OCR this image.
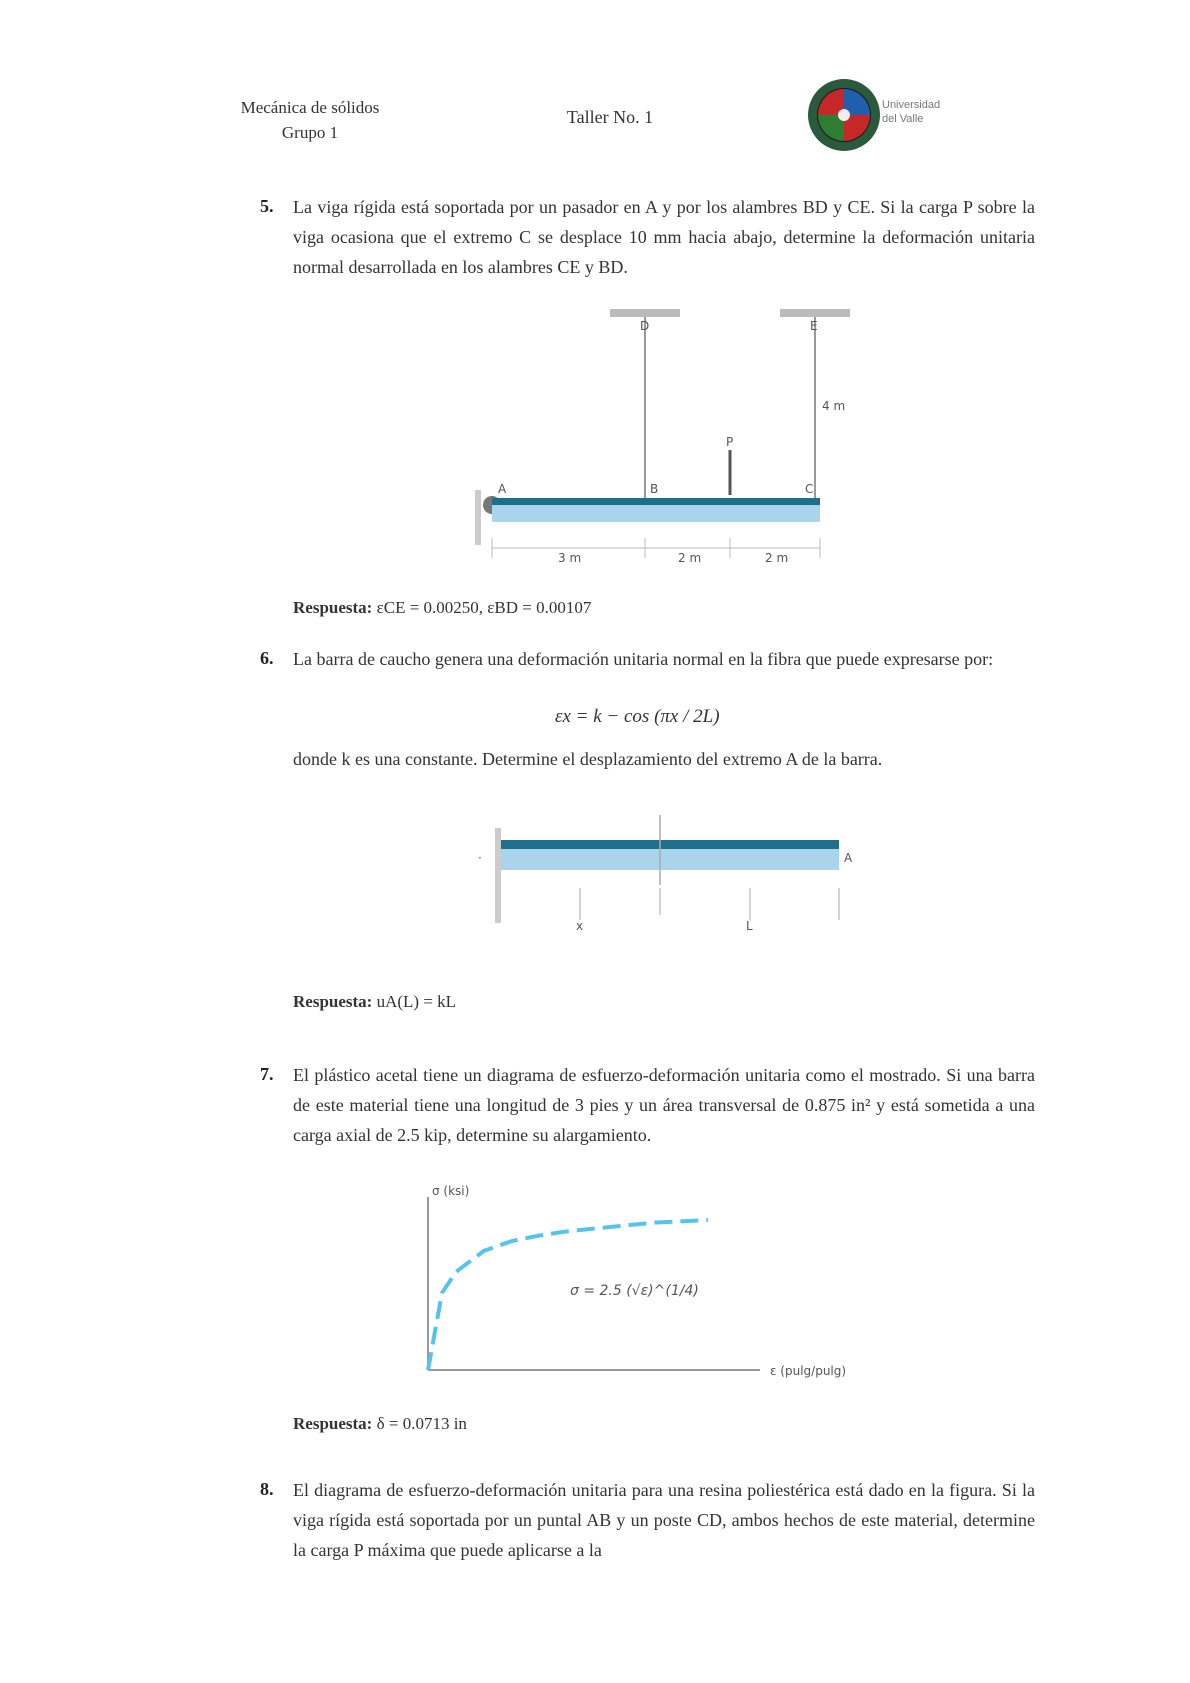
Mecánica de sólidos
Grupo 1
Taller No. 1
Universidad
del Valle
5. La viga rígida está soportada por un pasador en A y por los alambres BD y CE. Si la carga P sobre la viga ocasiona que el extremo C se desplace 10 mm hacia abajo, determine la deformación unitaria normal desarrollada en los alambres CE y BD.
D	E
A	B	C
P
3 m	2 m	2 m
4 m
Respuesta: εCE = 0.00250, εBD = 0.00107
6. La barra de caucho genera una deformación unitaria normal en la fibra que puede expresarse por:
εx = k − cos (πx / 2L)
donde k es una constante. Determine el desplazamiento del extremo A de la barra.
·	A
x	L
Respuesta: uA(L) = kL
7. El plástico acetal tiene un diagrama de esfuerzo-deformación unitaria como el mostrado. Si una barra de este material tiene una longitud de 3 pies y un área transversal de 0.875 in² y está sometida a una carga axial de 2.5 kip, determine su alargamiento.
σ (ksi)
ε (pulg/pulg)
σ = 2.5 (√ε)^(1/4)
Respuesta: δ = 0.0713 in
8. El diagrama de esfuerzo-deformación unitaria para una resina poliestérica está dado en la figura. Si la viga rígida está soportada por un puntal AB y un poste CD, ambos hechos de este material, determine la carga P máxima que puede aplicarse a la
